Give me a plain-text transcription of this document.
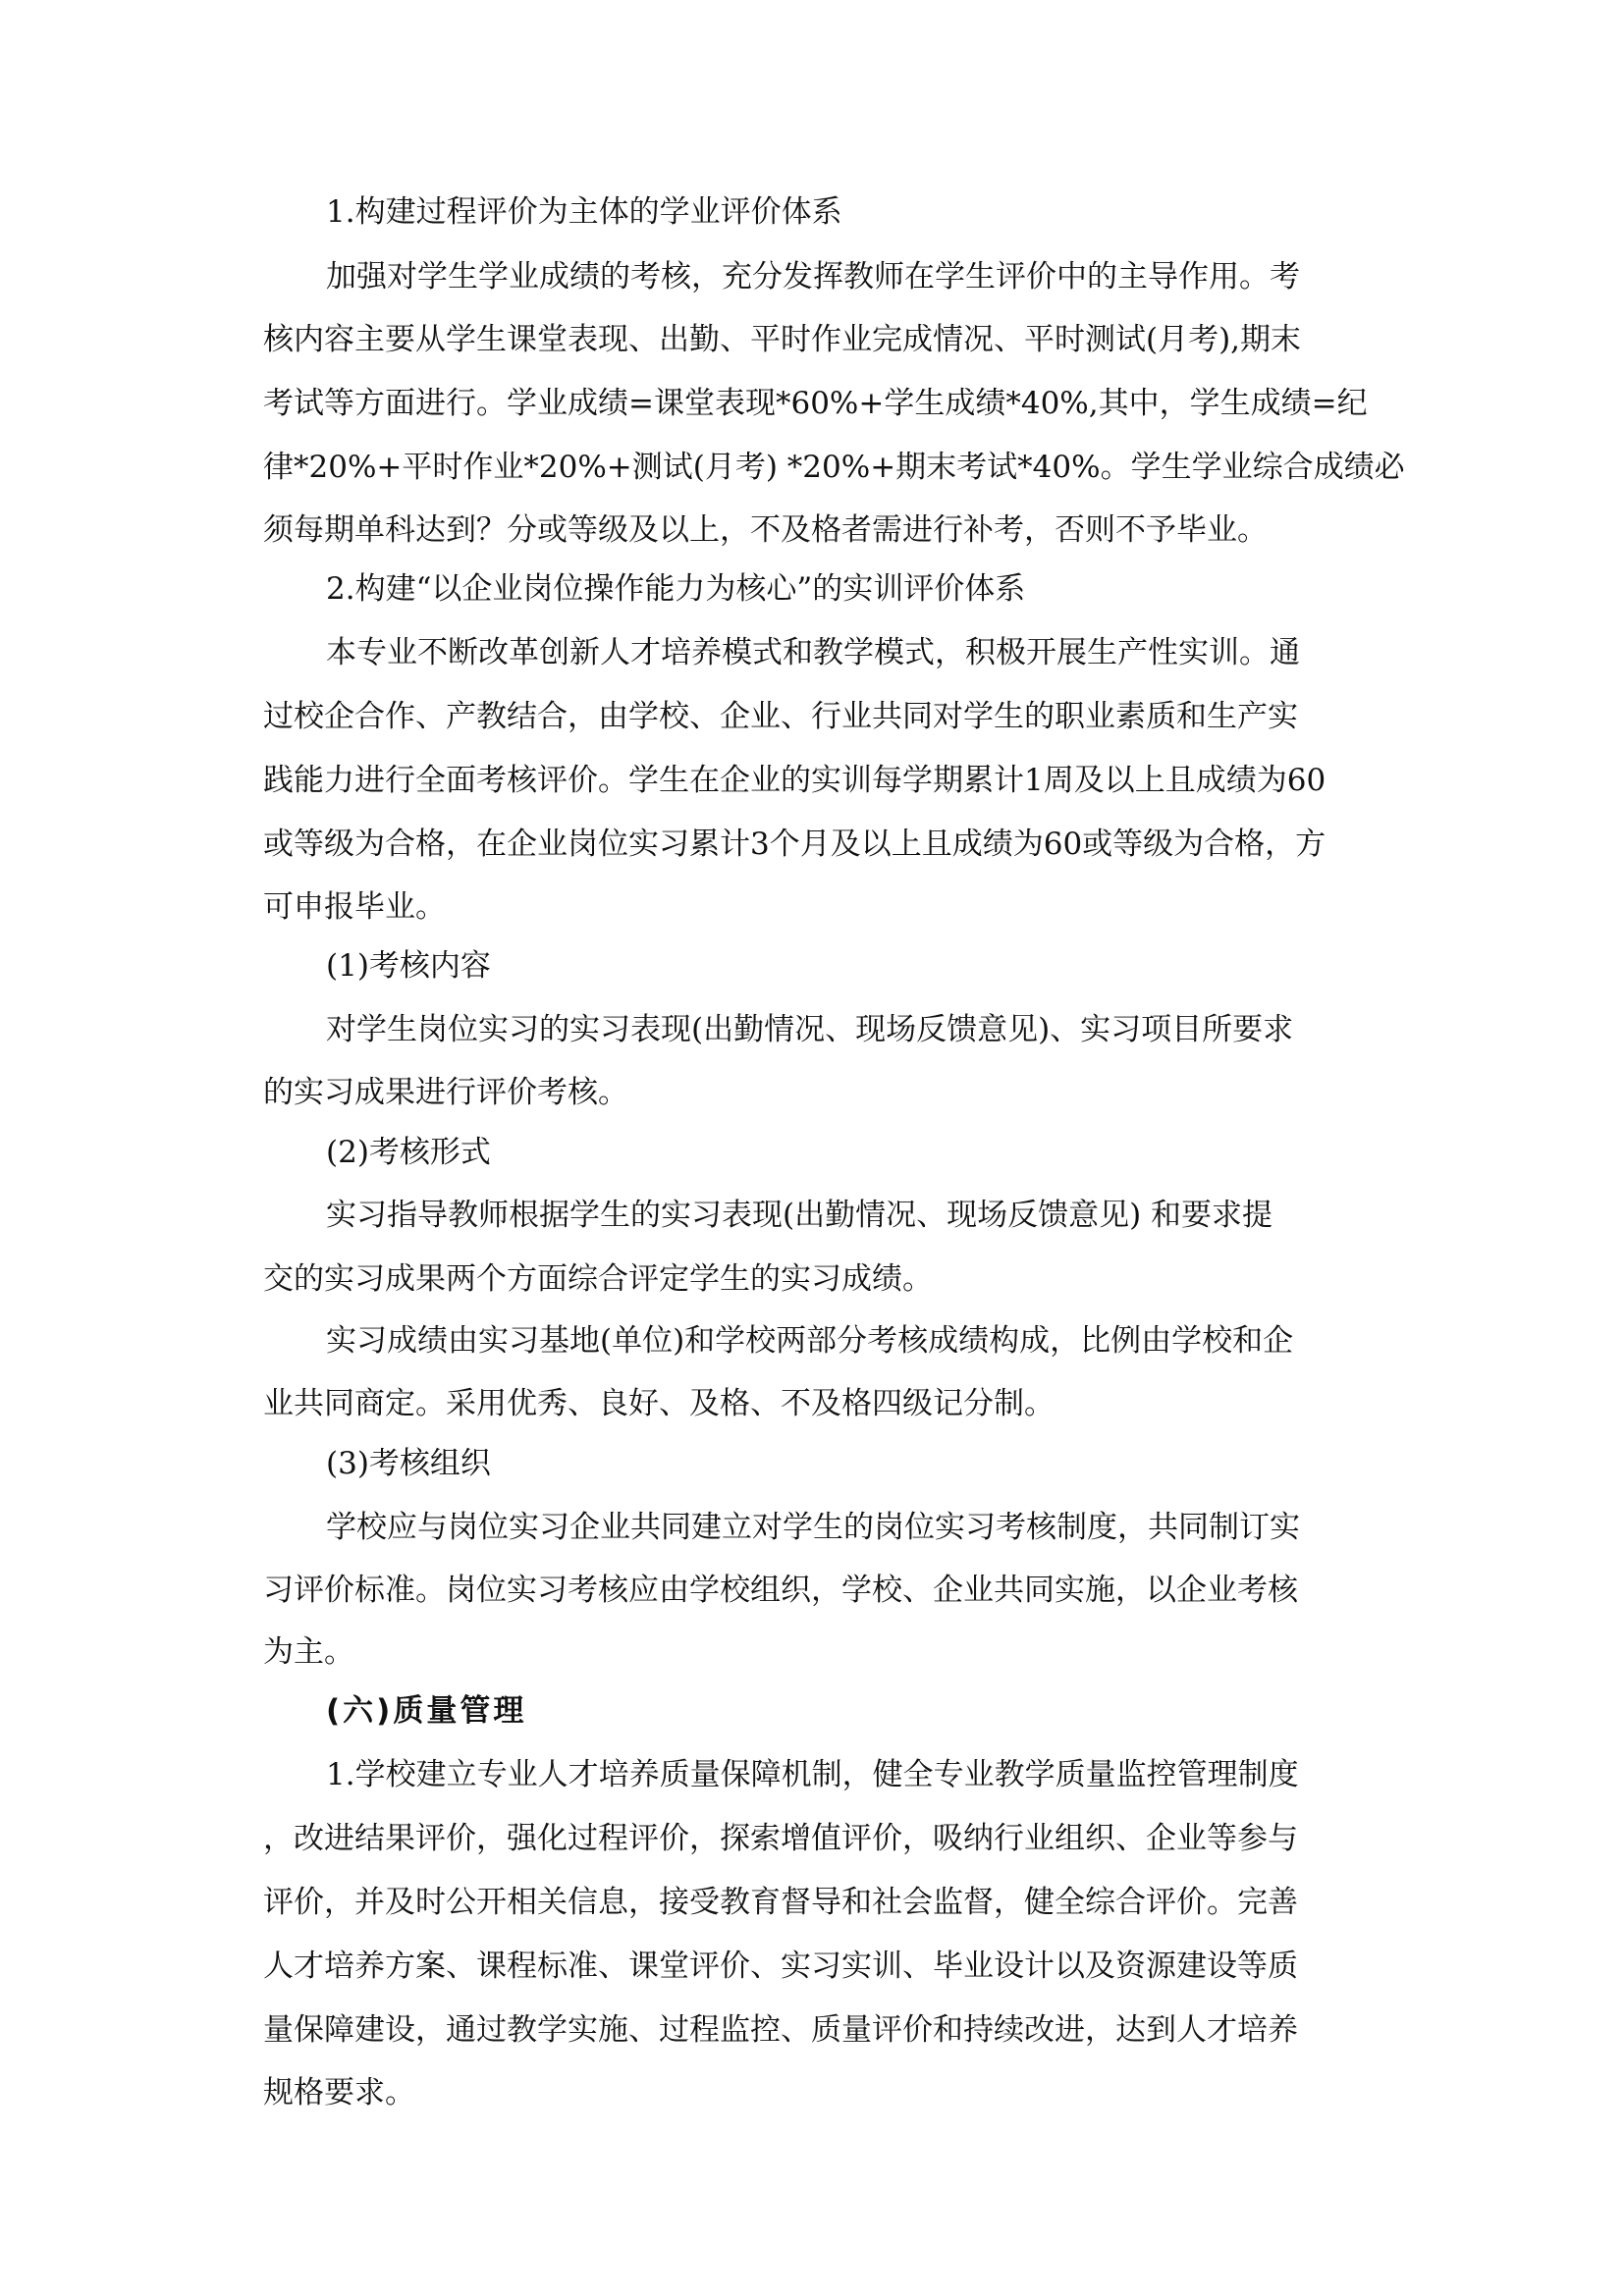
1.构建过程评价为主体的学业评价体系
加强对学生学业成绩的考核，充分发挥教师在学生评价中的主导作用。考
核内容主要从学生课堂表现、出勤、平时作业完成情况、平时测试(月考),期末
考试等方面进行。学业成绩=课堂表现*60%+学生成绩*40%,其中，学生成绩=纪
律*20%+平时作业*20%+测试(月考) *20%+期末考试*40%。学生学业综合成绩必
须每期单科达到？分或等级及以上，不及格者需进行补考，否则不予毕业。
2.构建“以企业岗位操作能力为核心”的实训评价体系
本专业不断改革创新人才培养模式和教学模式，积极开展生产性实训。通
过校企合作、产教结合，由学校、企业、行业共同对学生的职业素质和生产实
践能力进行全面考核评价。学生在企业的实训每学期累计1周及以上且成绩为60
或等级为合格，在企业岗位实习累计3个月及以上且成绩为60或等级为合格，方
可申报毕业。
(1)考核内容
对学生岗位实习的实习表现(出勤情况、现场反馈意见)、实习项目所要求
的实习成果进行评价考核。
(2)考核形式
实习指导教师根据学生的实习表现(出勤情况、现场反馈意见) 和要求提
交的实习成果两个方面综合评定学生的实习成绩。
实习成绩由实习基地(单位)和学校两部分考核成绩构成，比例由学校和企
业共同商定。采用优秀、良好、及格、不及格四级记分制。
(3)考核组织
学校应与岗位实习企业共同建立对学生的岗位实习考核制度，共同制订实
习评价标准。岗位实习考核应由学校组织，学校、企业共同实施，以企业考核
为主。
(六)质量管理
1.学校建立专业人才培养质量保障机制，健全专业教学质量监控管理制度
，改进结果评价，强化过程评价，探索增值评价，吸纳行业组织、企业等参与
评价，并及时公开相关信息，接受教育督导和社会监督，健全综合评价。完善
人才培养方案、课程标准、课堂评价、实习实训、毕业设计以及资源建设等质
量保障建设，通过教学实施、过程监控、质量评价和持续改进，达到人才培养
规格要求。
